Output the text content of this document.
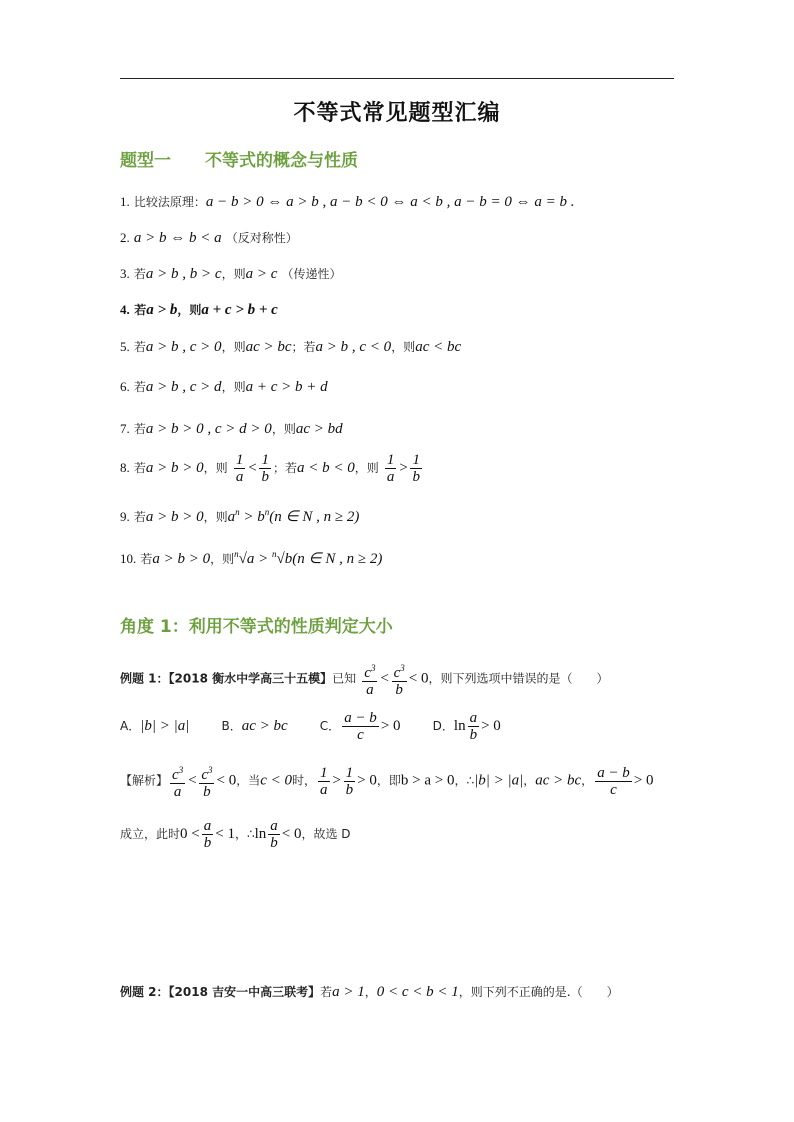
不等式常见题型汇编
题型一 不等式的概念与性质
1. 比较法原理：a − b > 0 ⇔ a > b , a − b < 0 ⇔ a < b , a − b = 0 ⇔ a = b .
2. a > b ⇔ b < a （反对称性）
3. 若a > b , b > c，则a > c （传递性）
4. 若a > b，则a + c > b + c
5. 若a > b , c > 0，则ac > bc；若a > b , c < 0，则ac < bc
6. 若a > b , c > d，则a + c > b + d
7. 若a > b > 0 , c > d > 0，则ac > bd
8. 若a > b > 0，则 $\frac{1}{a} < \frac{1}{b}$ ；若a < b < 0，则 $\frac{1}{a} > \frac{1}{b}$
9. 若a > b > 0，则$a^n > b^n(n$ ∈ N , n ≥ 2)
10. 若a > b > 0，则$^n$√a > $^n$√b(n ∈ N , n ≥ 2)
角度 1：利用不等式的性质判定大小
例题 1：【2018 衡水中学高三十五模】已知 $\frac{c^3}{a} < \frac{c^3}{b} < 0$，则下列选项中错误的是（　　）
A．|b| > |a|	B．ac > bc	C． $\frac{a - b}{c} > 0$	D．$\ln \frac{a}{b} > 0$
【解析】 $\frac{c^3}{a} < \frac{c^3}{b} < 0$，当c < 0时， $\frac{1}{a} > \frac{1}{b} > 0$，即b > a > 0，∴|b| > |a|，ac > bc， $\frac{a - b}{c} > 0$
成立，此时$0 < \frac{a}{b} < 1$，∴ln $\frac{a}{b} < 0$，故选 D
例题 2：【2018 吉安一中高三联考】若a > 1，0 < c < b < 1，则下列不正确的是.（　　）
